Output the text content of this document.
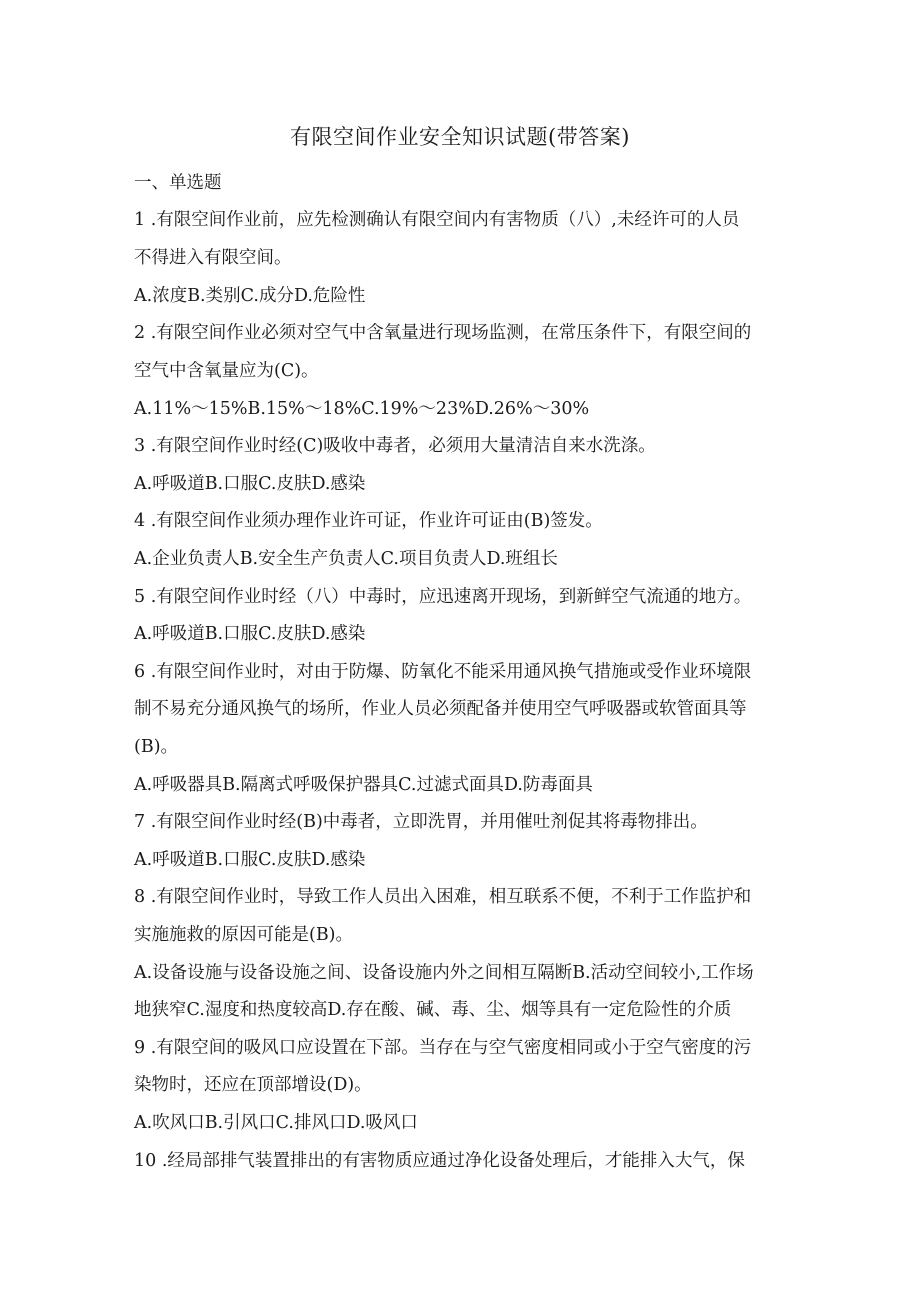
有限空间作业安全知识试题(带答案)
一、单选题
1 .有限空间作业前，应先检测确认有限空间内有害物质（八）,未经许可的人员
不得进入有限空间。
A.浓度B.类别C.成分D.危险性
2 .有限空间作业必须对空气中含氧量进行现场监测，在常压条件下，有限空间的
空气中含氧量应为(C)。
A.11%～15%B.15%～18%C.19%～23%D.26%～30%
3 .有限空间作业时经(C)吸收中毒者，必须用大量清洁自来水洗涤。
A.呼吸道B.口服C.皮肤D.感染
4 .有限空间作业须办理作业许可证，作业许可证由(B)签发。
A.企业负责人B.安全生产负责人C.项目负责人D.班组长
5 .有限空间作业时经（八）中毒时，应迅速离开现场，到新鲜空气流通的地方。
A.呼吸道B.口服C.皮肤D.感染
6 .有限空间作业时，对由于防爆、防氧化不能采用通风换气措施或受作业环境限
制不易充分通风换气的场所，作业人员必须配备并使用空气呼吸器或软管面具等
(B)。
A.呼吸器具B.隔离式呼吸保护器具C.过滤式面具D.防毒面具
7 .有限空间作业时经(B)中毒者，立即洗胃，并用催吐剂促其将毒物排出。
A.呼吸道B.口服C.皮肤D.感染
8 .有限空间作业时，导致工作人员出入困难，相互联系不便，不利于工作监护和
实施施救的原因可能是(B)。
A.设备设施与设备设施之间、设备设施内外之间相互隔断B.活动空间较小,工作场
地狭窄C.湿度和热度较高D.存在酸、碱、毒、尘、烟等具有一定危险性的介质
9 .有限空间的吸风口应设置在下部。当存在与空气密度相同或小于空气密度的污
染物时，还应在顶部增设(D)。
A.吹风口B.引风口C.排风口D.吸风口
10 .经局部排气装置排出的有害物质应通过净化设备处理后，才能排入大气，保
